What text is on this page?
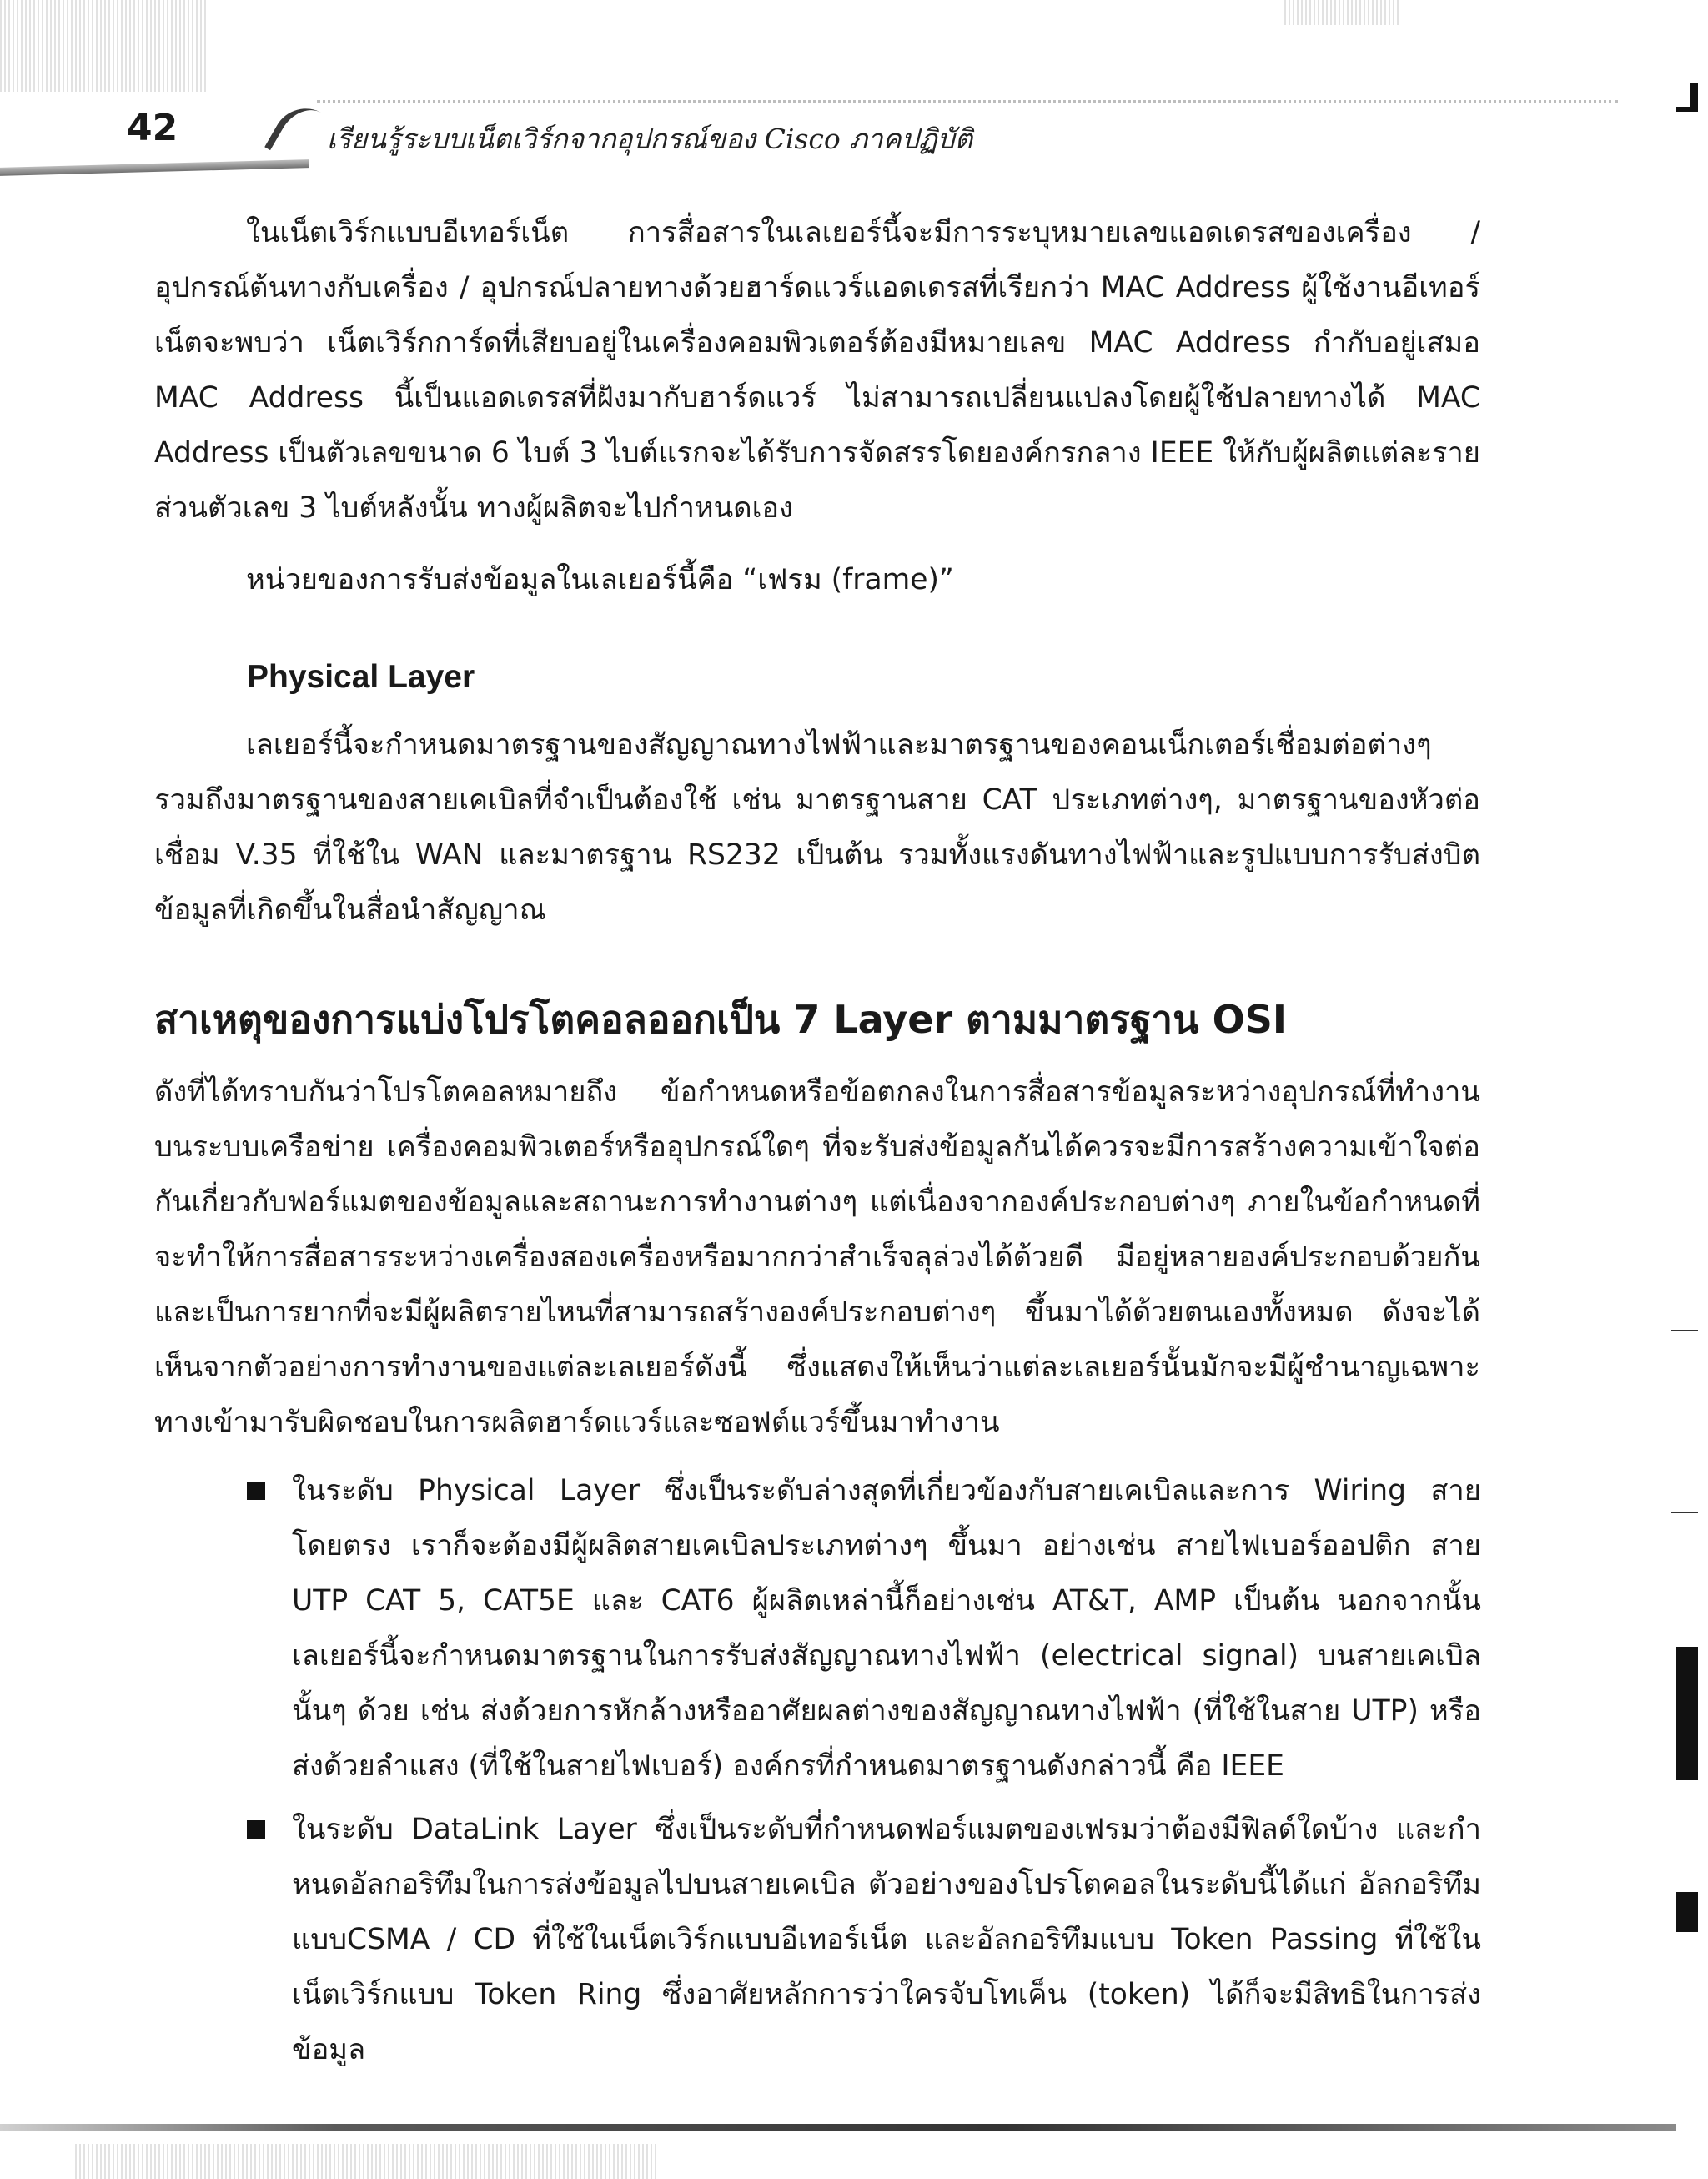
42	เรียนรู้ระบบเน็ตเวิร์กจากอุปกรณ์ของ Cisco ภาคปฏิบัติ

ในเน็ตเวิร์กแบบอีเทอร์เน็ต การสื่อสารในเลเยอร์นี้จะมีการระบุหมายเลขแอดเดรสของเครื่อง / อุปกรณ์ต้นทางกับเครื่อง / อุปกรณ์ปลายทางด้วยฮาร์ดแวร์แอดเดรสที่เรียกว่า MAC Address ผู้ใช้งานอีเทอร์เน็ตจะพบว่า เน็ตเวิร์กการ์ดที่เสียบอยู่ในเครื่องคอมพิวเตอร์ต้องมีหมายเลข MAC Address กำกับอยู่เสมอ MAC Address นี้เป็นแอดเดรสที่ฝังมากับฮาร์ดแวร์ ไม่สามารถเปลี่ยนแปลงโดยผู้ใช้ปลายทางได้ MAC Address เป็นตัวเลขขนาด 6 ไบต์ 3 ไบต์แรกจะได้รับการจัดสรรโดยองค์กรกลาง IEEE ให้กับผู้ผลิตแต่ละราย ส่วนตัวเลข 3 ไบต์หลังนั้น ทางผู้ผลิตจะไปกำหนดเอง

หน่วยของการรับส่งข้อมูลในเลเยอร์นี้คือ “เฟรม (frame)”

Physical Layer

เลเยอร์นี้จะกำหนดมาตรฐานของสัญญาณทางไฟฟ้าและมาตรฐานของคอนเน็กเตอร์เชื่อมต่อต่างๆ รวมถึงมาตรฐานของสายเคเบิลที่จำเป็นต้องใช้ เช่น มาตรฐานสาย CAT ประเภทต่างๆ, มาตรฐานของหัวต่อเชื่อม V.35 ที่ใช้ใน WAN และมาตรฐาน RS232 เป็นต้น รวมทั้งแรงดันทางไฟฟ้าและรูปแบบการรับส่งบิตข้อมูลที่เกิดขึ้นในสื่อนำสัญญาณ

สาเหตุของการแบ่งโปรโตคอลออกเป็น 7 Layer ตามมาตรฐาน OSI

ดังที่ได้ทราบกันว่าโปรโตคอลหมายถึง ข้อกำหนดหรือข้อตกลงในการสื่อสารข้อมูลระหว่างอุปกรณ์ที่ทำงานบนระบบเครือข่าย เครื่องคอมพิวเตอร์หรืออุปกรณ์ใดๆ ที่จะรับส่งข้อมูลกันได้ควรจะมีการสร้างความเข้าใจต่อกันเกี่ยวกับฟอร์แมตของข้อมูลและสถานะการทำงานต่างๆ แต่เนื่องจากองค์ประกอบต่างๆ ภายในข้อกำหนดที่จะทำให้การสื่อสารระหว่างเครื่องสองเครื่องหรือมากกว่าสำเร็จลุล่วงได้ด้วยดี มีอยู่หลายองค์ประกอบด้วยกัน และเป็นการยากที่จะมีผู้ผลิตรายไหนที่สามารถสร้างองค์ประกอบต่างๆ ขึ้นมาได้ด้วยตนเองทั้งหมด ดังจะได้เห็นจากตัวอย่างการทำงานของแต่ละเลเยอร์ดังนี้ ซึ่งแสดงให้เห็นว่าแต่ละเลเยอร์นั้นมักจะมีผู้ชำนาญเฉพาะทางเข้ามารับผิดชอบในการผลิตฮาร์ดแวร์และซอฟต์แวร์ขึ้นมาทำงาน

ในระดับ Physical Layer ซึ่งเป็นระดับล่างสุดที่เกี่ยวข้องกับสายเคเบิลและการ Wiring สายโดยตรง เราก็จะต้องมีผู้ผลิตสายเคเบิลประเภทต่างๆ ขึ้นมา อย่างเช่น สายไฟเบอร์ออปติก สาย UTP CAT 5, CAT5E และ CAT6 ผู้ผลิตเหล่านี้ก็อย่างเช่น AT&T, AMP เป็นต้น นอกจากนั้น เลเยอร์นี้จะกำหนดมาตรฐานในการรับส่งสัญญาณทางไฟฟ้า (electrical signal) บนสายเคเบิลนั้นๆ ด้วย เช่น ส่งด้วยการหักล้างหรืออาศัยผลต่างของสัญญาณทางไฟฟ้า (ที่ใช้ในสาย UTP) หรือส่งด้วยลำแสง (ที่ใช้ในสายไฟเบอร์) องค์กรที่กำหนดมาตรฐานดังกล่าวนี้ คือ IEEE
ในระดับ DataLink Layer ซึ่งเป็นระดับที่กำหนดฟอร์แมตของเฟรมว่าต้องมีฟิลด์ใดบ้าง และกำหนดอัลกอริทึมในการส่งข้อมูลไปบนสายเคเบิล ตัวอย่างของโปรโตคอลในระดับนี้ได้แก่ อัลกอริทึมแบบCSMA / CD ที่ใช้ในเน็ตเวิร์กแบบอีเทอร์เน็ต และอัลกอริทึมแบบ Token Passing ที่ใช้ในเน็ตเวิร์กแบบ Token Ring ซึ่งอาศัยหลักการว่าใครจับโทเค็น (token) ได้ก็จะมีสิทธิในการส่งข้อมูล
